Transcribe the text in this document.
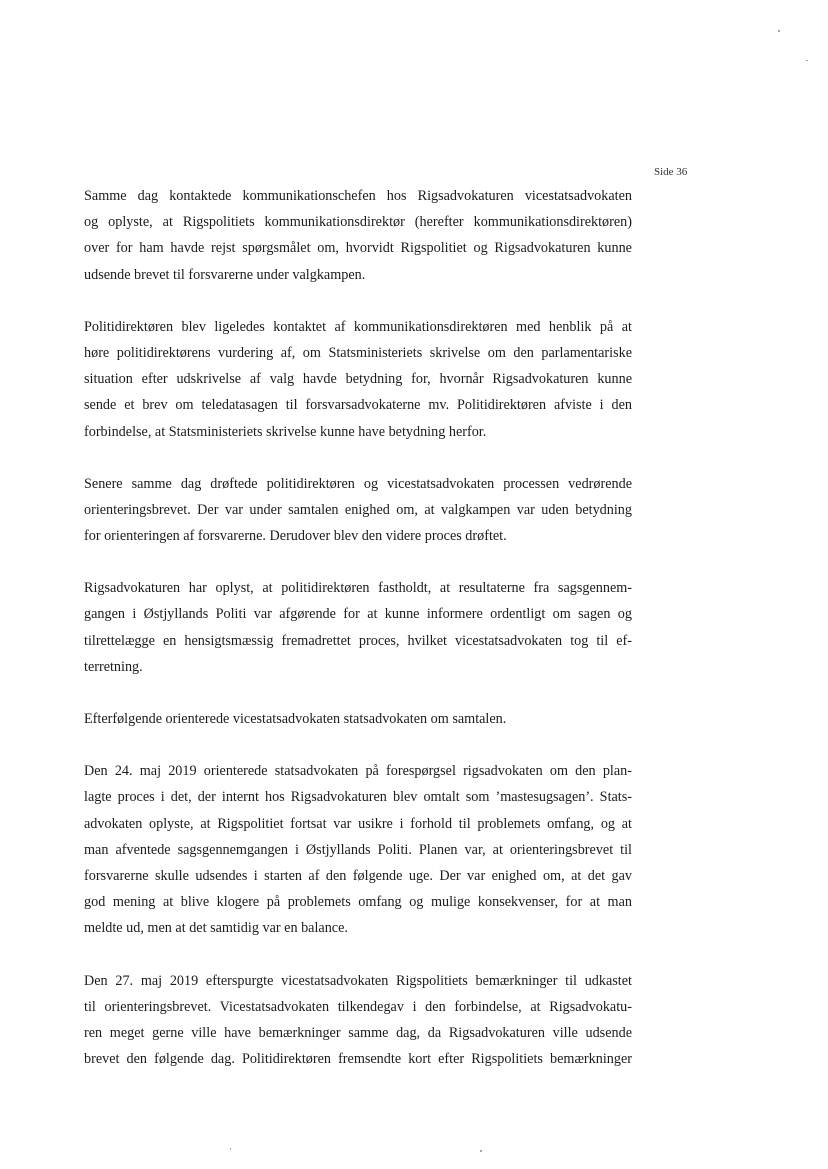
Side 36
Samme dag kontaktede kommunikationschefen hos Rigsadvokaturen vicestatsadvokaten
og oplyste, at Rigspolitiets kommunikationsdirektør (herefter kommunikationsdirektøren)
over for ham havde rejst spørgsmålet om, hvorvidt Rigspolitiet og Rigsadvokaturen kunne
udsende brevet til forsvarerne under valgkampen.
Politidirektøren blev ligeledes kontaktet af kommunikationsdirektøren med henblik på at
høre politidirektørens vurdering af, om Statsministeriets skrivelse om den parlamentariske
situation efter udskrivelse af valg havde betydning for, hvornår Rigsadvokaturen kunne
sende et brev om teledatasagen til forsvarsadvokaterne mv. Politidirektøren afviste i den
forbindelse, at Statsministeriets skrivelse kunne have betydning herfor.
Senere samme dag drøftede politidirektøren og vicestatsadvokaten processen vedrørende
orienteringsbrevet. Der var under samtalen enighed om, at valgkampen var uden betydning
for orienteringen af forsvarerne. Derudover blev den videre proces drøftet.
Rigsadvokaturen har oplyst, at politidirektøren fastholdt, at resultaterne fra sagsgennem-
gangen i Østjyllands Politi var afgørende for at kunne informere ordentligt om sagen og
tilrettelægge en hensigtsmæssig fremadrettet proces, hvilket vicestatsadvokaten tog til ef-
terretning.
Efterfølgende orienterede vicestatsadvokaten statsadvokaten om samtalen.
Den 24. maj 2019 orienterede statsadvokaten på forespørgsel rigsadvokaten om den plan-
lagte proces i det, der internt hos Rigsadvokaturen blev omtalt som ’mastesugsagen’. Stats-
advokaten oplyste, at Rigspolitiet fortsat var usikre i forhold til problemets omfang, og at
man afventede sagsgennemgangen i Østjyllands Politi. Planen var, at orienteringsbrevet til
forsvarerne skulle udsendes i starten af den følgende uge. Der var enighed om, at det gav
god mening at blive klogere på problemets omfang og mulige konsekvenser, for at man
meldte ud, men at det samtidig var en balance.
Den 27. maj 2019 efterspurgte vicestatsadvokaten Rigspolitiets bemærkninger til udkastet
til orienteringsbrevet. Vicestatsadvokaten tilkendegav i den forbindelse, at Rigsadvokatu-
ren meget gerne ville have bemærkninger samme dag, da Rigsadvokaturen ville udsende
brevet den følgende dag. Politidirektøren fremsendte kort efter Rigspolitiets bemærkninger
